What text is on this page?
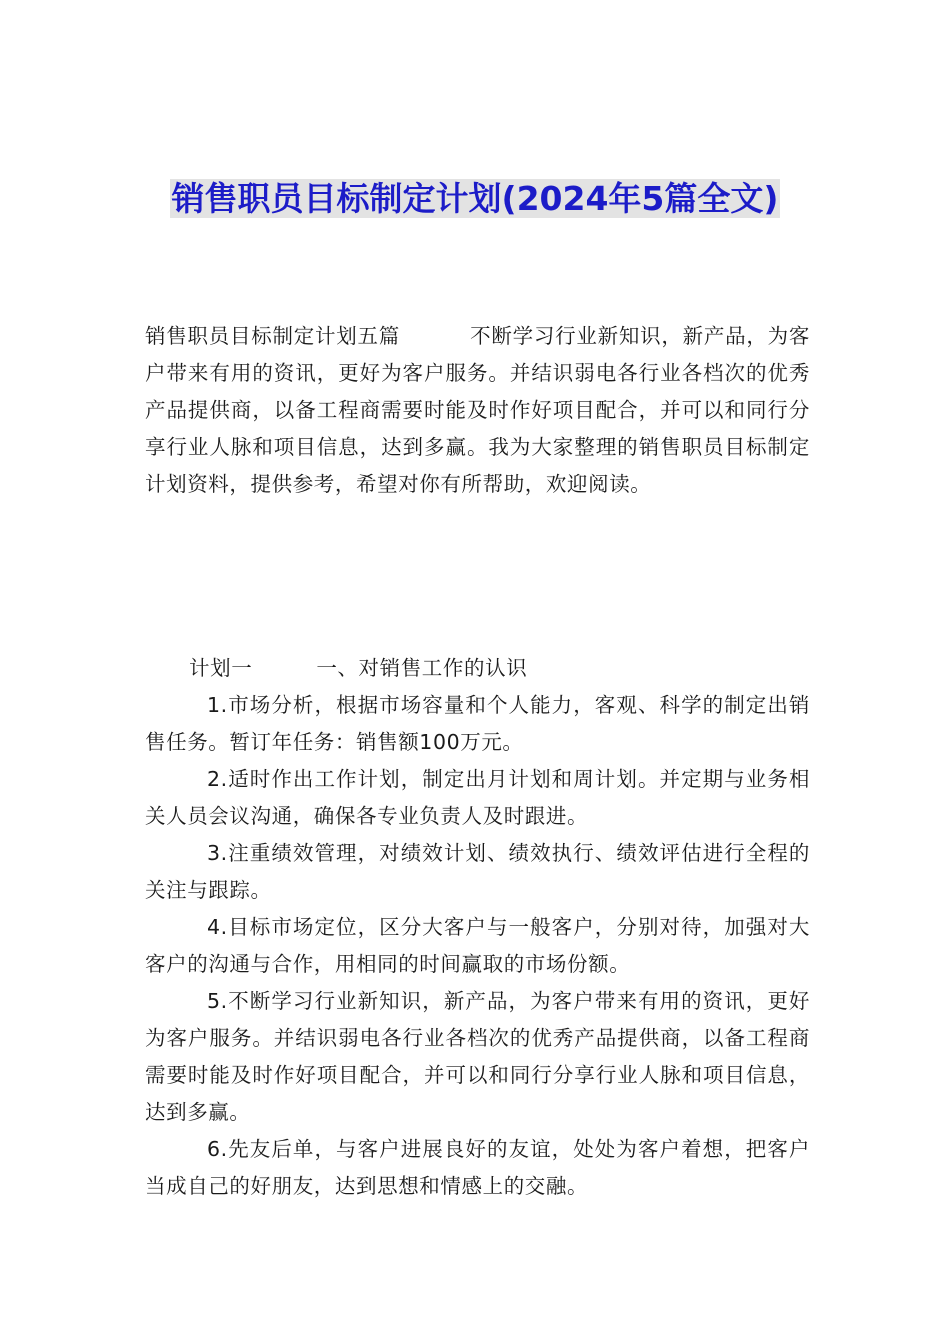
销售职员目标制定计划(2024年5篇全文)
销售职员目标制定计划五篇	不断学习行业新知识，新产品，为客户带来有用的资讯，更好为客户服务。并结识弱电各行业各档次的优秀产品提供商，以备工程商需要时能及时作好项目配合，并可以和同行分享行业人脉和项目信息，达到多赢。我为大家整理的销售职员目标制定计划资料，提供参考，希望对你有所帮助，欢迎阅读。

计划一	一、对销售工作的认识

1.市场分析，根据市场容量和个人能力，客观、科学的制定出销售任务。暂订年任务：销售额100万元。

2.适时作出工作计划，制定出月计划和周计划。并定期与业务相关人员会议沟通，确保各专业负责人及时跟进。

3.注重绩效管理，对绩效计划、绩效执行、绩效评估进行全程的关注与跟踪。

4.目标市场定位，区分大客户与一般客户，分别对待，加强对大客户的沟通与合作，用相同的时间赢取的市场份额。

5.不断学习行业新知识，新产品，为客户带来有用的资讯，更好为客户服务。并结识弱电各行业各档次的优秀产品提供商，以备工程商需要时能及时作好项目配合，并可以和同行分享行业人脉和项目信息，达到多赢。

6.先友后单，与客户进展良好的友谊，处处为客户着想，把客户当成自己的好朋友，达到思想和情感上的交融。
